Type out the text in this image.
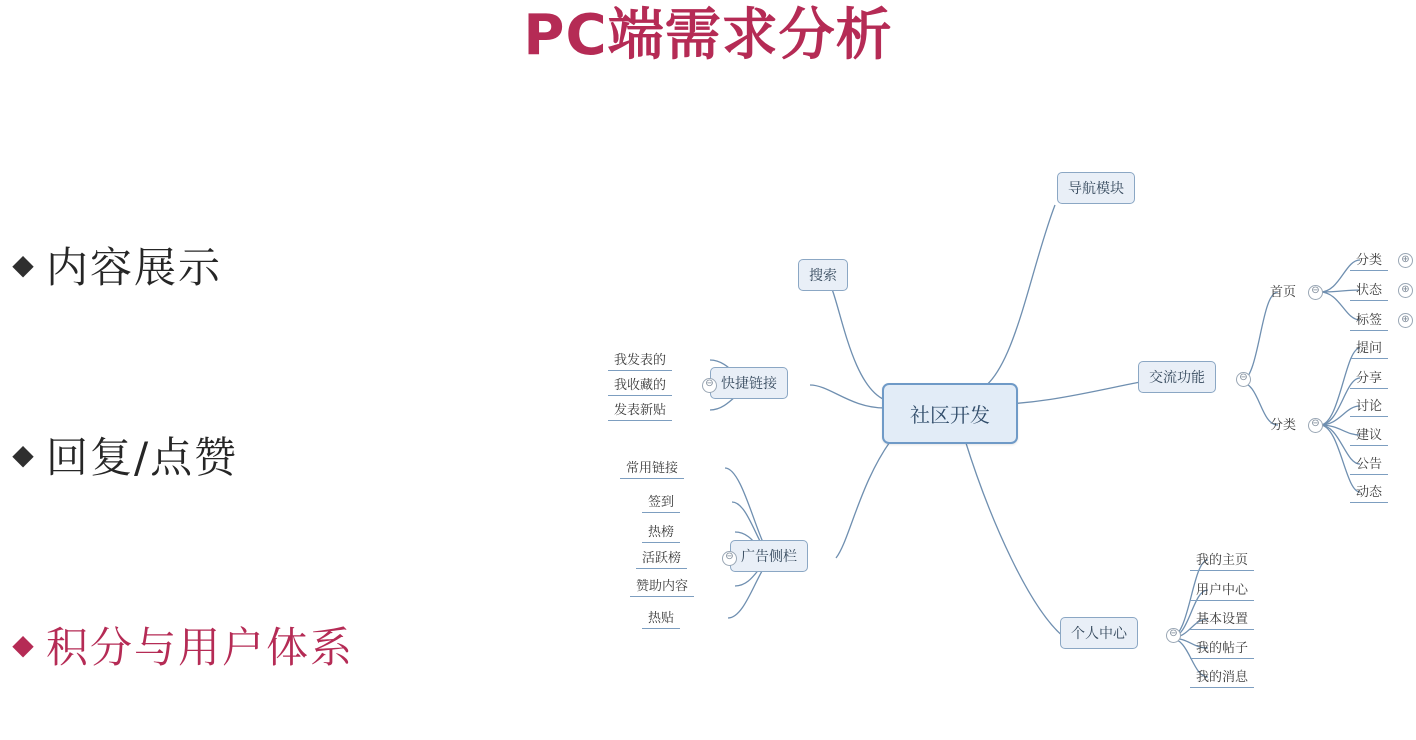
PC端需求分析
◆ 内容展示
◆ 回复/点赞
◆ 积分与用户体系
社区开发
导航模块
搜索
快捷链接
广告侧栏
交流功能
个人中心
⊖
⊖
⊖
⊖
我发表的
我收藏的
发表新贴
常用链接
签到
热榜
活跃榜
赞助内容
热贴
首页	⊖
分类	⊖
分类	⊕
状态	⊕
标签	⊕
提问
分享
讨论
建议
公告
动态
我的主页
用户中心
基本设置
我的帖子
我的消息
